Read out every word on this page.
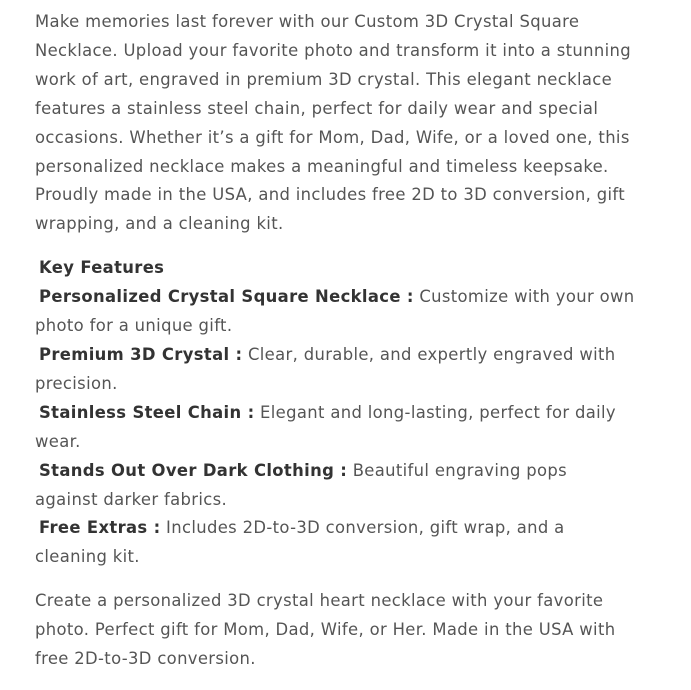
Make memories last forever with our Custom 3D Crystal Square Necklace. Upload your favorite photo and transform it into a stunning work of art, engraved in premium 3D crystal. This elegant necklace features a stainless steel chain, perfect for daily wear and special occasions. Whether it’s a gift for Mom, Dad, Wife, or a loved one, this personalized necklace makes a meaningful and timeless keepsake. Proudly made in the USA, and includes free 2D to 3D conversion, gift wrapping, and a cleaning kit.

Key Features
Personalized Crystal Square Necklace : Customize with your own photo for a unique gift.
Premium 3D Crystal : Clear, durable, and expertly engraved with precision.
Stainless Steel Chain : Elegant and long-lasting, perfect for daily wear.
Stands Out Over Dark Clothing : Beautiful engraving pops against darker fabrics.
Free Extras : Includes 2D-to-3D conversion, gift wrap, and a cleaning kit.

Create a personalized 3D crystal heart necklace with your favorite photo. Perfect gift for Mom, Dad, Wife, or Her. Made in the USA with free 2D-to-3D conversion.
